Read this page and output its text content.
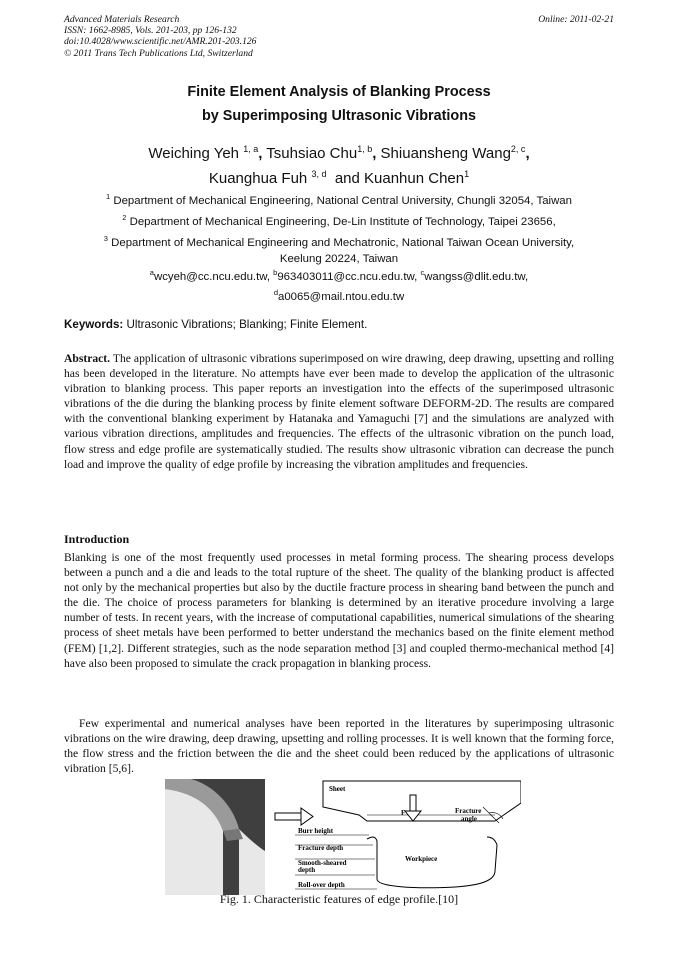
Advanced Materials Research
ISSN: 1662-8985, Vols. 201-203, pp 126-132
doi:10.4028/www.scientific.net/AMR.201-203.126
© 2011 Trans Tech Publications Ltd, Switzerland
Online: 2011-02-21
Finite Element Analysis of Blanking Process
by Superimposing Ultrasonic Vibrations
Weiching Yeh $^{1, a}$, Tsuhsiao Chu$^{1, b}$, Shiuansheng Wang$^{2, c}$,
Kuanghua Fuh $^{3, d}$ and Kuanhun Chen$^1$
$^1$ Department of Mechanical Engineering, National Central University, Chungli 32054, Taiwan
$^2$ Department of Mechanical Engineering, De-Lin Institute of Technology, Taipei 23656,
$^3$ Department of Mechanical Engineering and Mechatronic, National Taiwan Ocean University,
Keelung 20224, Taiwan
$^a$wcyeh@cc.ncu.edu.tw, $^b$963403011@cc.ncu.edu.tw, $^c$wangss@dlit.edu.tw,
$^d$a0065@mail.ntou.edu.tw
Keywords: Ultrasonic Vibrations; Blanking; Finite Element.
Abstract. The application of ultrasonic vibrations superimposed on wire drawing, deep drawing, upsetting and rolling has been developed in the literature. No attempts have ever been made to develop the application of the ultrasonic vibration to blanking process. This paper reports an investigation into the effects of the superimposed ultrasonic vibrations of the die during the blanking process by finite element software DEFORM-2D. The results are compared with the conventional blanking experiment by Hatanaka and Yamaguchi [7] and the simulations are analyzed with various vibration directions, amplitudes and frequencies. The effects of the ultrasonic vibration on the punch load, flow stress and edge profile are systematically studied. The results show ultrasonic vibration can decrease the punch load and improve the quality of edge profile by increasing the vibration amplitudes and frequencies.
Introduction
Blanking is one of the most frequently used processes in metal forming process. The shearing process develops between a punch and a die and leads to the total rupture of the sheet. The quality of the blanking product is affected not only by the mechanical properties but also by the ductile fracture process in shearing band between the punch and the die. The choice of process parameters for blanking is determined by an iterative procedure involving a large number of tests. In recent years, with the increase of computational capabilities, numerical simulations of the shearing process of sheet metals have been performed to better understand the mechanics based on the finite element method (FEM) [1,2]. Different strategies, such as the node separation method [3] and coupled thermo-mechanical method [4] have also been proposed to simulate the crack propagation in blanking process.
Few experimental and numerical analyses have been reported in the literatures by superimposing ultrasonic vibrations on the wire drawing, deep drawing, upsetting and rolling processes. It is well known that the forming force, the flow stress and the friction between the die and the sheet could been reduced by the applications of ultrasonic vibration [5,6].
Sheet
F	Fracture
angle
Burr height
Fracture depth
Smooth-sheared
depth
Roll-over depth
Workpiece
Fig. 1. Characteristic features of edge profile.[10]
